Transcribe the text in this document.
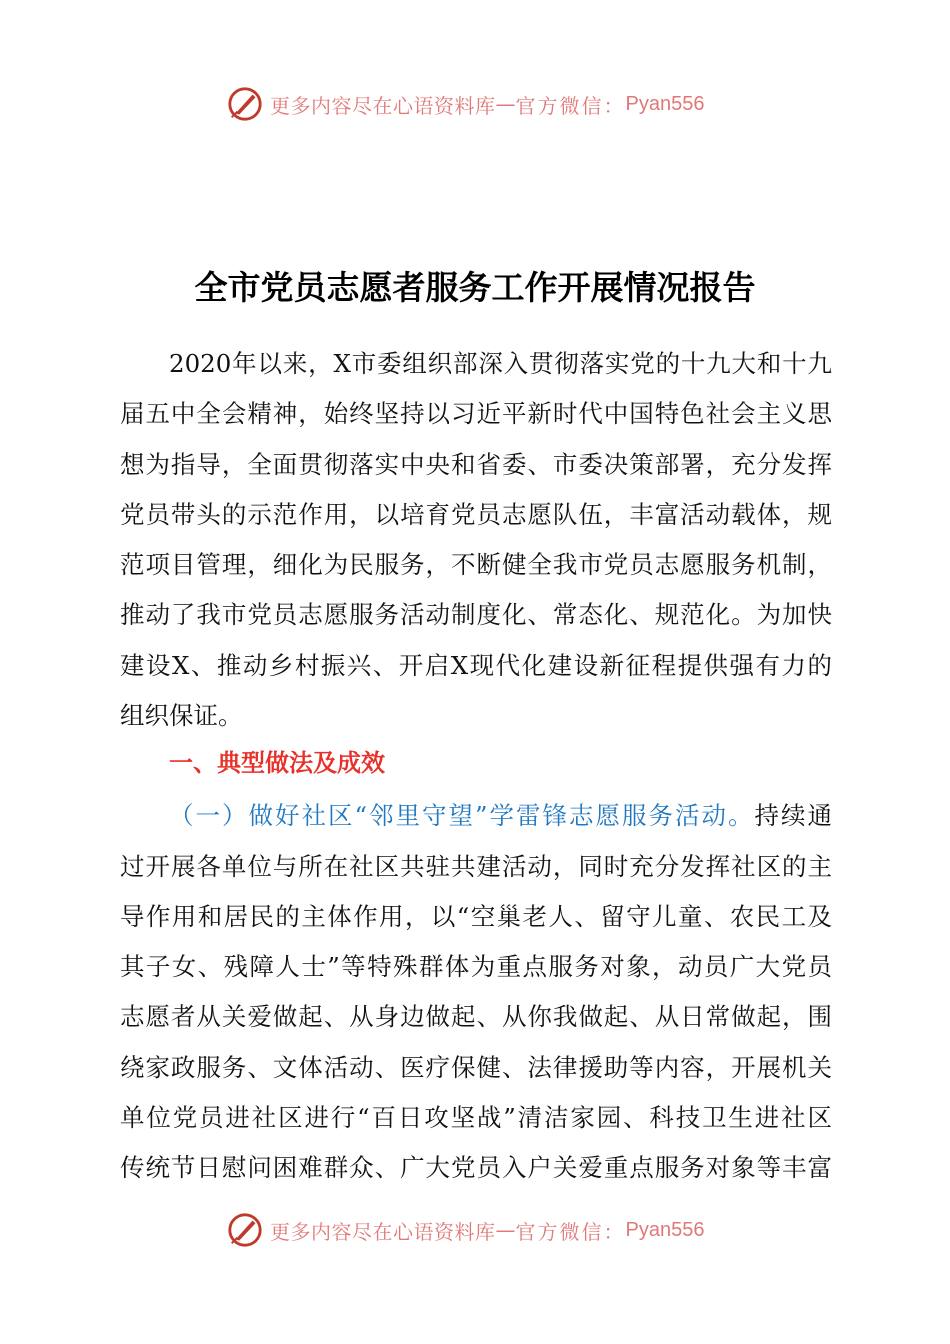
更多内容尽在心语资料库 — 官方微信： Pyan556
全市党员志愿者服务工作开展情况报告
2020年以来，X市委组织部深入贯彻落实党的十九大和十九
届五中全会精神，始终坚持以习近平新时代中国特色社会主义思
想为指导，全面贯彻落实中央和省委、市委决策部署，充分发挥
党员带头的示范作用，以培育党员志愿队伍，丰富活动载体，规
范项目管理，细化为民服务，不断健全我市党员志愿服务机制，
推动了我市党员志愿服务活动制度化、常态化、规范化。为加快
建设X、推动乡村振兴、开启X现代化建设新征程提供强有力的
组织保证。
一、典型做法及成效
（一）做好社区“邻里守望”学雷锋志愿服务活动。持续通
过开展各单位与所在社区共驻共建活动，同时充分发挥社区的主
导作用和居民的主体作用，以“空巢老人、留守儿童、农民工及
其子女、残障人士”等特殊群体为重点服务对象，动员广大党员
志愿者从关爱做起、从身边做起、从你我做起、从日常做起，围
绕家政服务、文体活动、医疗保健、法律援助等内容，开展机关
单位党员进社区进行“百日攻坚战”清洁家园、科技卫生进社区
传统节日慰问困难群众、广大党员入户关爱重点服务对象等丰富
更多内容尽在心语资料库 — 官方微信： Pyan556
